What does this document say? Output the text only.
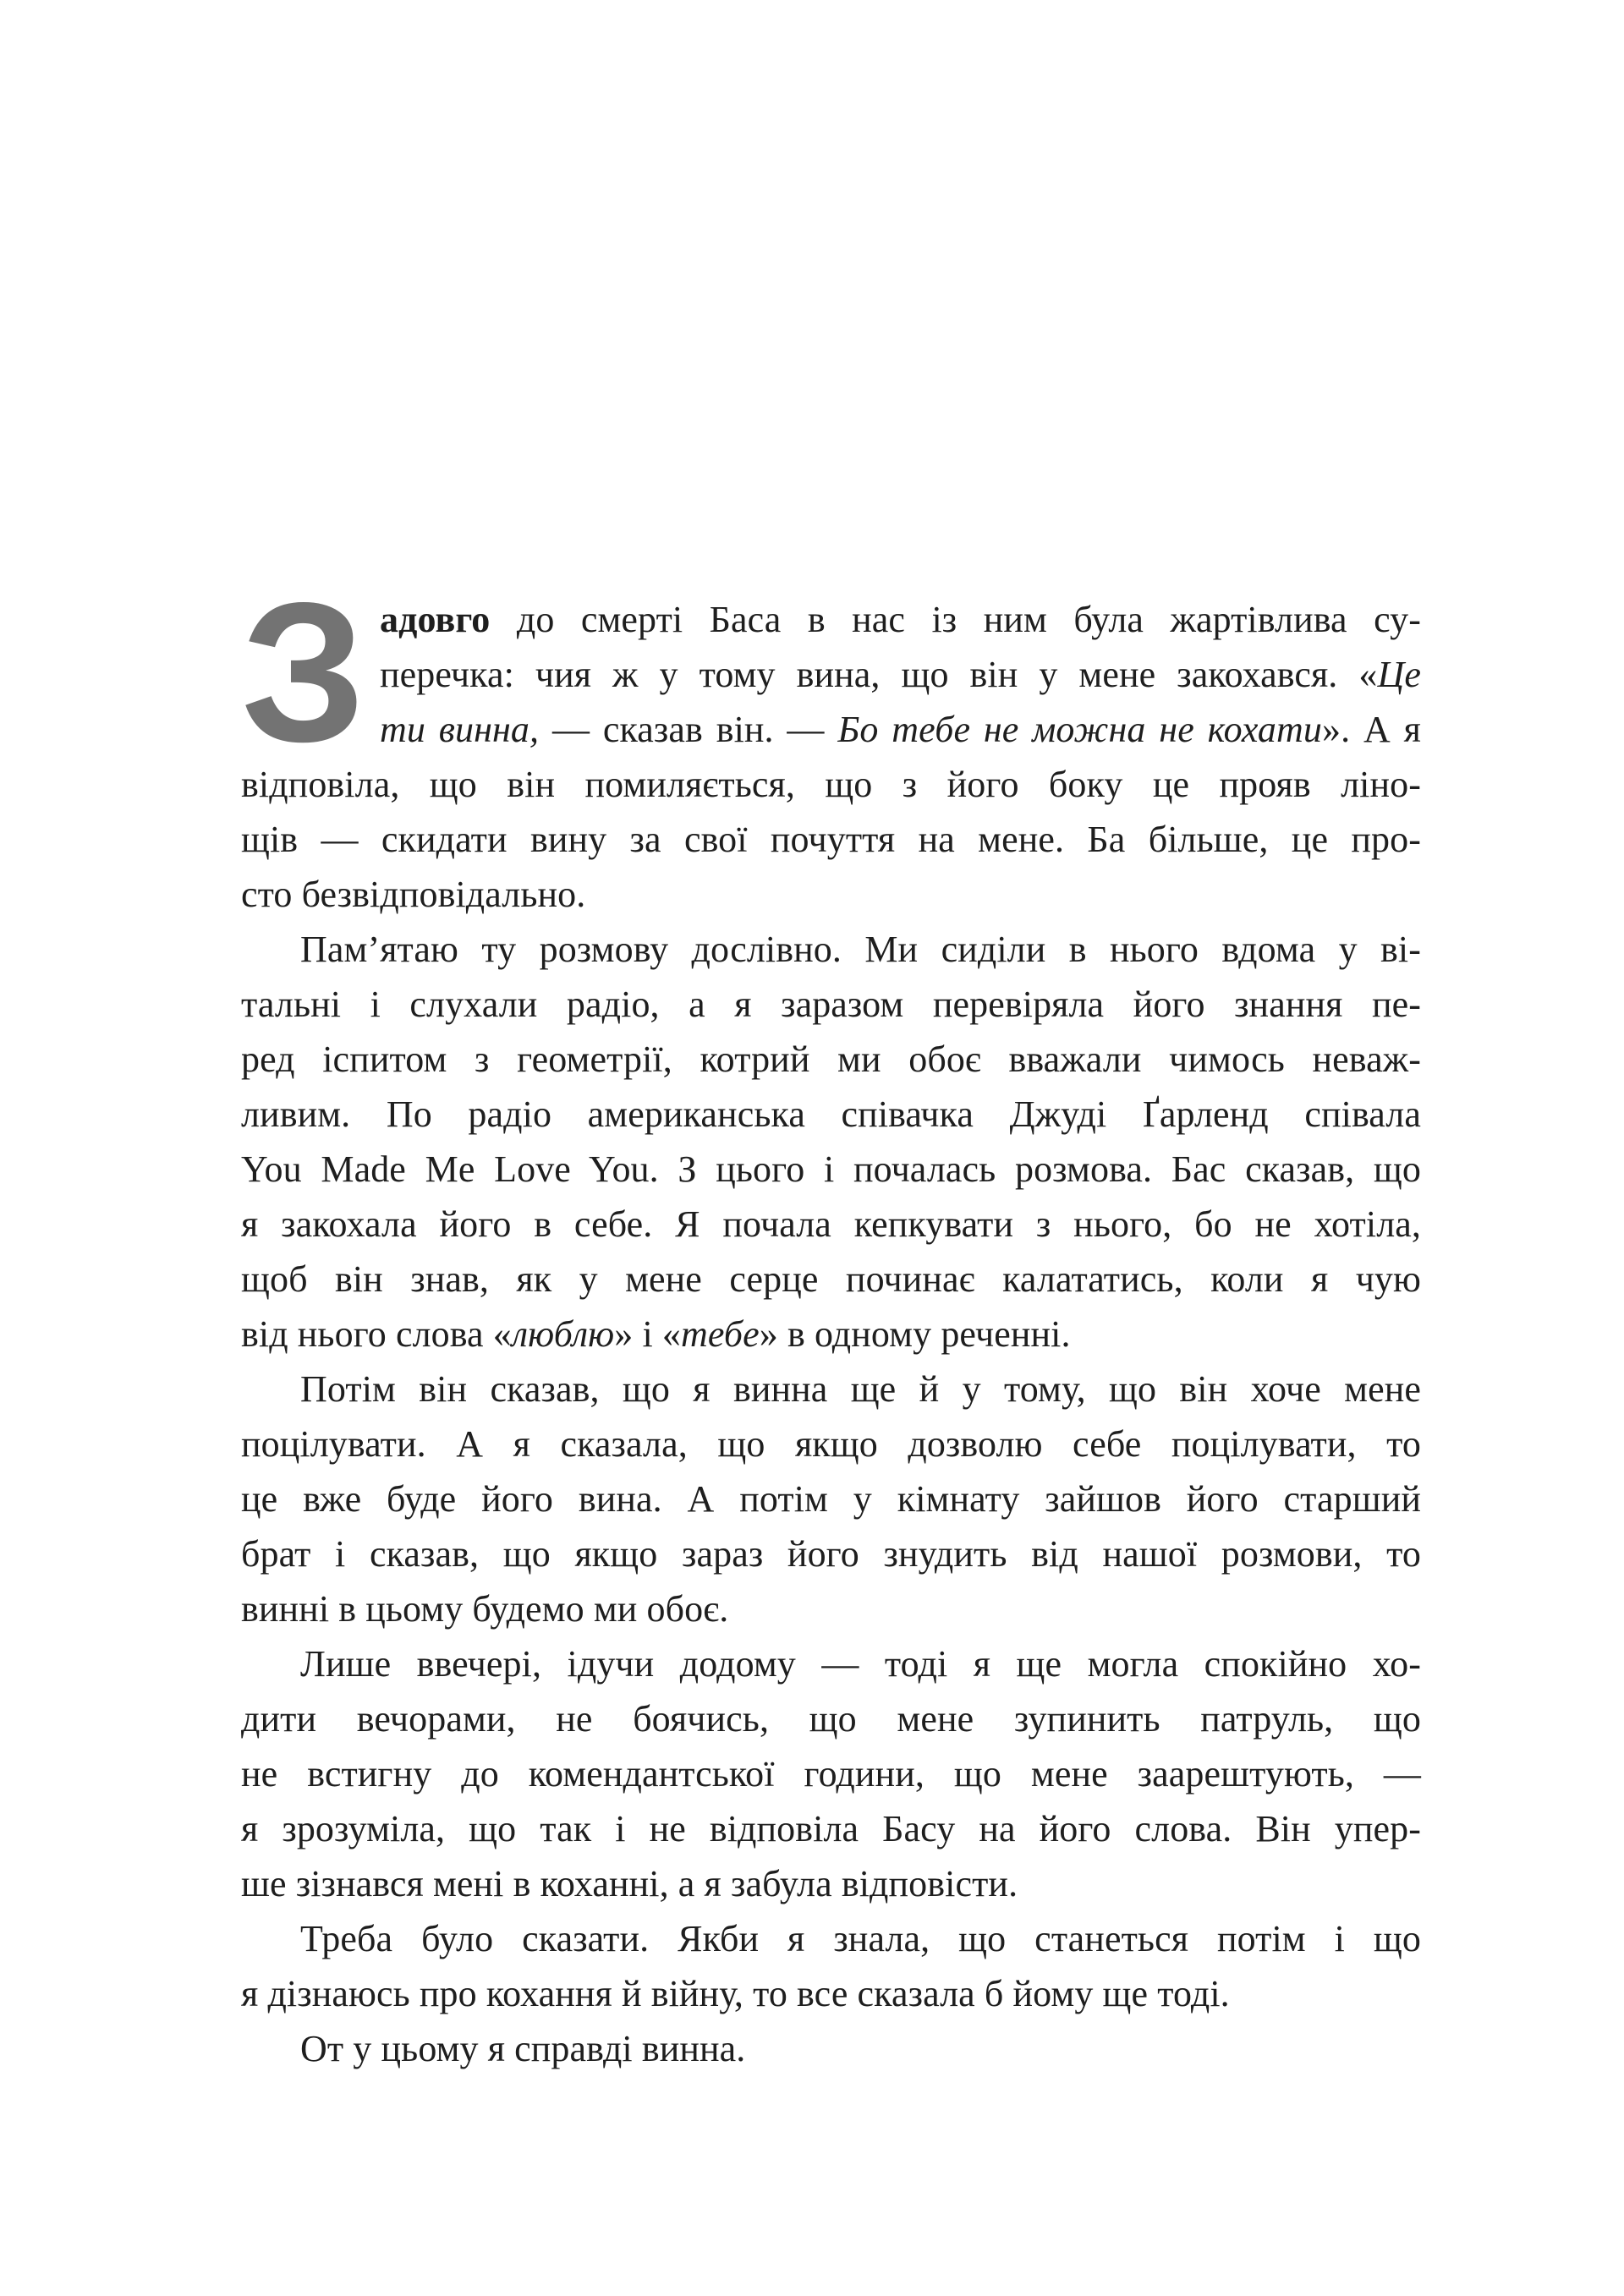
З адовго до смерті Баса в нас із ним була жартівлива су-
перечка: чия ж у тому вина, що він у мене закохався. «Це
ти винна, — сказав він. — Бо тебе не можна не кохати». А я
відповіла, що він помиляється, що з його боку це прояв ліно-
щів — скидати вину за свої почуття на мене. Ба більше, це про-
сто безвідповідально.
Пам’ятаю ту розмову дослівно. Ми сиділи в нього вдома у ві-
тальні і слухали радіо, а я заразом перевіряла його знання пе-
ред іспитом з геометрії, котрий ми обоє вважали чимось неваж-
ливим. По радіо американська співачка Джуді Ґарленд співала
You Made Me Love You. З цього і почалась розмова. Бас сказав, що
я закохала його в себе. Я почала кепкувати з нього, бо не хотіла,
щоб він знав, як у мене серце починає калататись, коли я чую
від нього слова «люблю» і «тебе» в одному реченні.
Потім він сказав, що я винна ще й у тому, що він хоче мене
поцілувати. А я сказала, що якщо дозволю себе поцілувати, то
це вже буде його вина. А потім у кімнату зайшов його старший
брат і сказав, що якщо зараз його знудить від нашої розмови, то
винні в цьому будемо ми обоє.
Лише ввечері, ідучи додому — тоді я ще могла спокійно хо-
дити вечорами, не боячись, що мене зупинить патруль, що
не встигну до комендантської години, що мене заарештують, —
я зрозуміла, що так і не відповіла Басу на його слова. Він упер-
ше зізнався мені в коханні, а я забула відповісти.
Треба було сказати. Якби я знала, що станеться потім і що
я дізнаюсь про кохання й війну, то все сказала б йому ще тоді.
От у цьому я справді винна.
